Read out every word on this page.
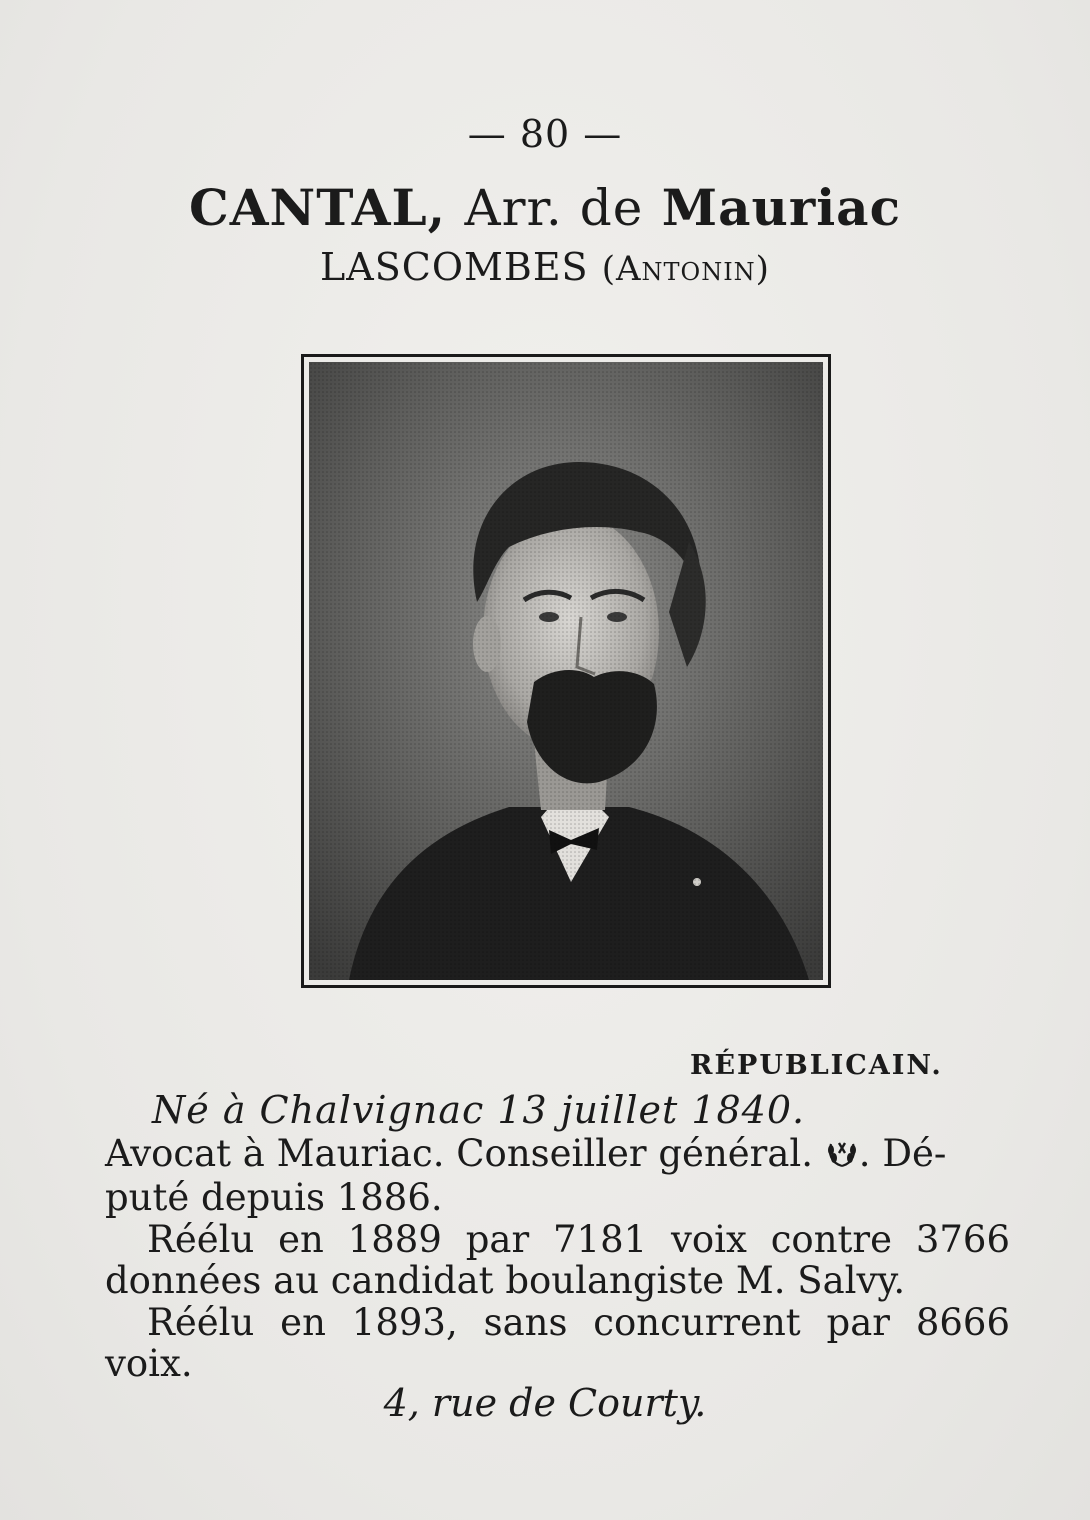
— 80 —
CANTAL, Arr. de Mauriac
LASCOMBES (Antonin)
RÉPUBLICAIN.
Né à Chalvignac 13 juillet 1840.

Avocat à Mauriac. Conseiller général. . Dé-

puté depuis 1886.

Réélu en 1889 par 7181 voix contre 3766 données au candidat boulangiste M. Salvy.

Réélu en 1893, sans concurrent par 8666 voix.

4, rue de Courty.
